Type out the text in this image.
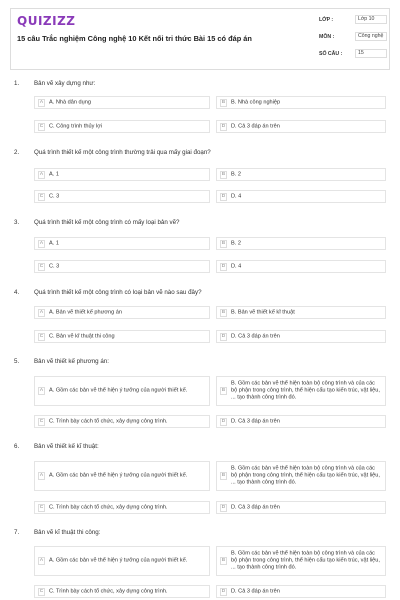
QUIZIZZ
15 câu Trắc nghiệm Công nghệ 10 Kết nối tri thức Bài 15 có đáp án
LỚP :	Lớp 10
MÔN :	Công nghệ
SỐ CÂU :	15
1.	Bản vẽ xây dựng như:
A	A. Nhà dân dụng	B	B. Nhà công nghiệp
C	C. Công trình thủy lợi	D	D. Cả 3 đáp án trên
2.	Quá trình thiết kế một công trình thường trải qua mấy giai đoạn?
A	A. 1	B	B. 2
C	C. 3	D	D. 4
3.	Quá trình thiết kế một công trình có mấy loại bản vẽ?
A	A. 1	B	B. 2
C	C. 3	D	D. 4
4.	Quá trình thiết kế một công trình có loại bản vẽ nào sau đây?
A	A. Bản vẽ thiết kế phương án	B	B. Bản vẽ thiết kế kĩ thuật
C	C. Bản vẽ kĩ thuật thi công	D	D. Cả 3 đáp án trên
5.	Bản vẽ thiết kế phương án:
A	A. Gồm các bản vẽ thể hiện ý tưởng của người thiết kế.	B
B. Gồm các bản vẽ thể hiện toàn bộ công trình và của các bộ phận trong công trình, thể hiện cấu tạo kiến trúc, vật liệu, ... tạo thành công trình đó.
C	C. Trình bày cách tổ chức, xây dựng công trình.	D	D. Cả 3 đáp án trên
6.	Bản vẽ thiết kế kĩ thuật:
A	A. Gồm các bản vẽ thể hiện ý tưởng của người thiết kế.	B
B. Gồm các bản vẽ thể hiện toàn bộ công trình và của các bộ phận trong công trình, thể hiện cấu tạo kiến trúc, vật liệu, ... tạo thành công trình đó.
C	C. Trình bày cách tổ chức, xây dựng công trình.	D	D. Cả 3 đáp án trên
7.	Bản vẽ kĩ thuật thi công:
A	A. Gồm các bản vẽ thể hiện ý tưởng của người thiết kế.	B
B. Gồm các bản vẽ thể hiện toàn bộ công trình và của các bộ phận trong công trình, thể hiện cấu tạo kiến trúc, vật liệu, ... tạo thành công trình đó.
C	C. Trình bày cách tổ chức, xây dựng công trình.	D	D. Cả 3 đáp án trên
